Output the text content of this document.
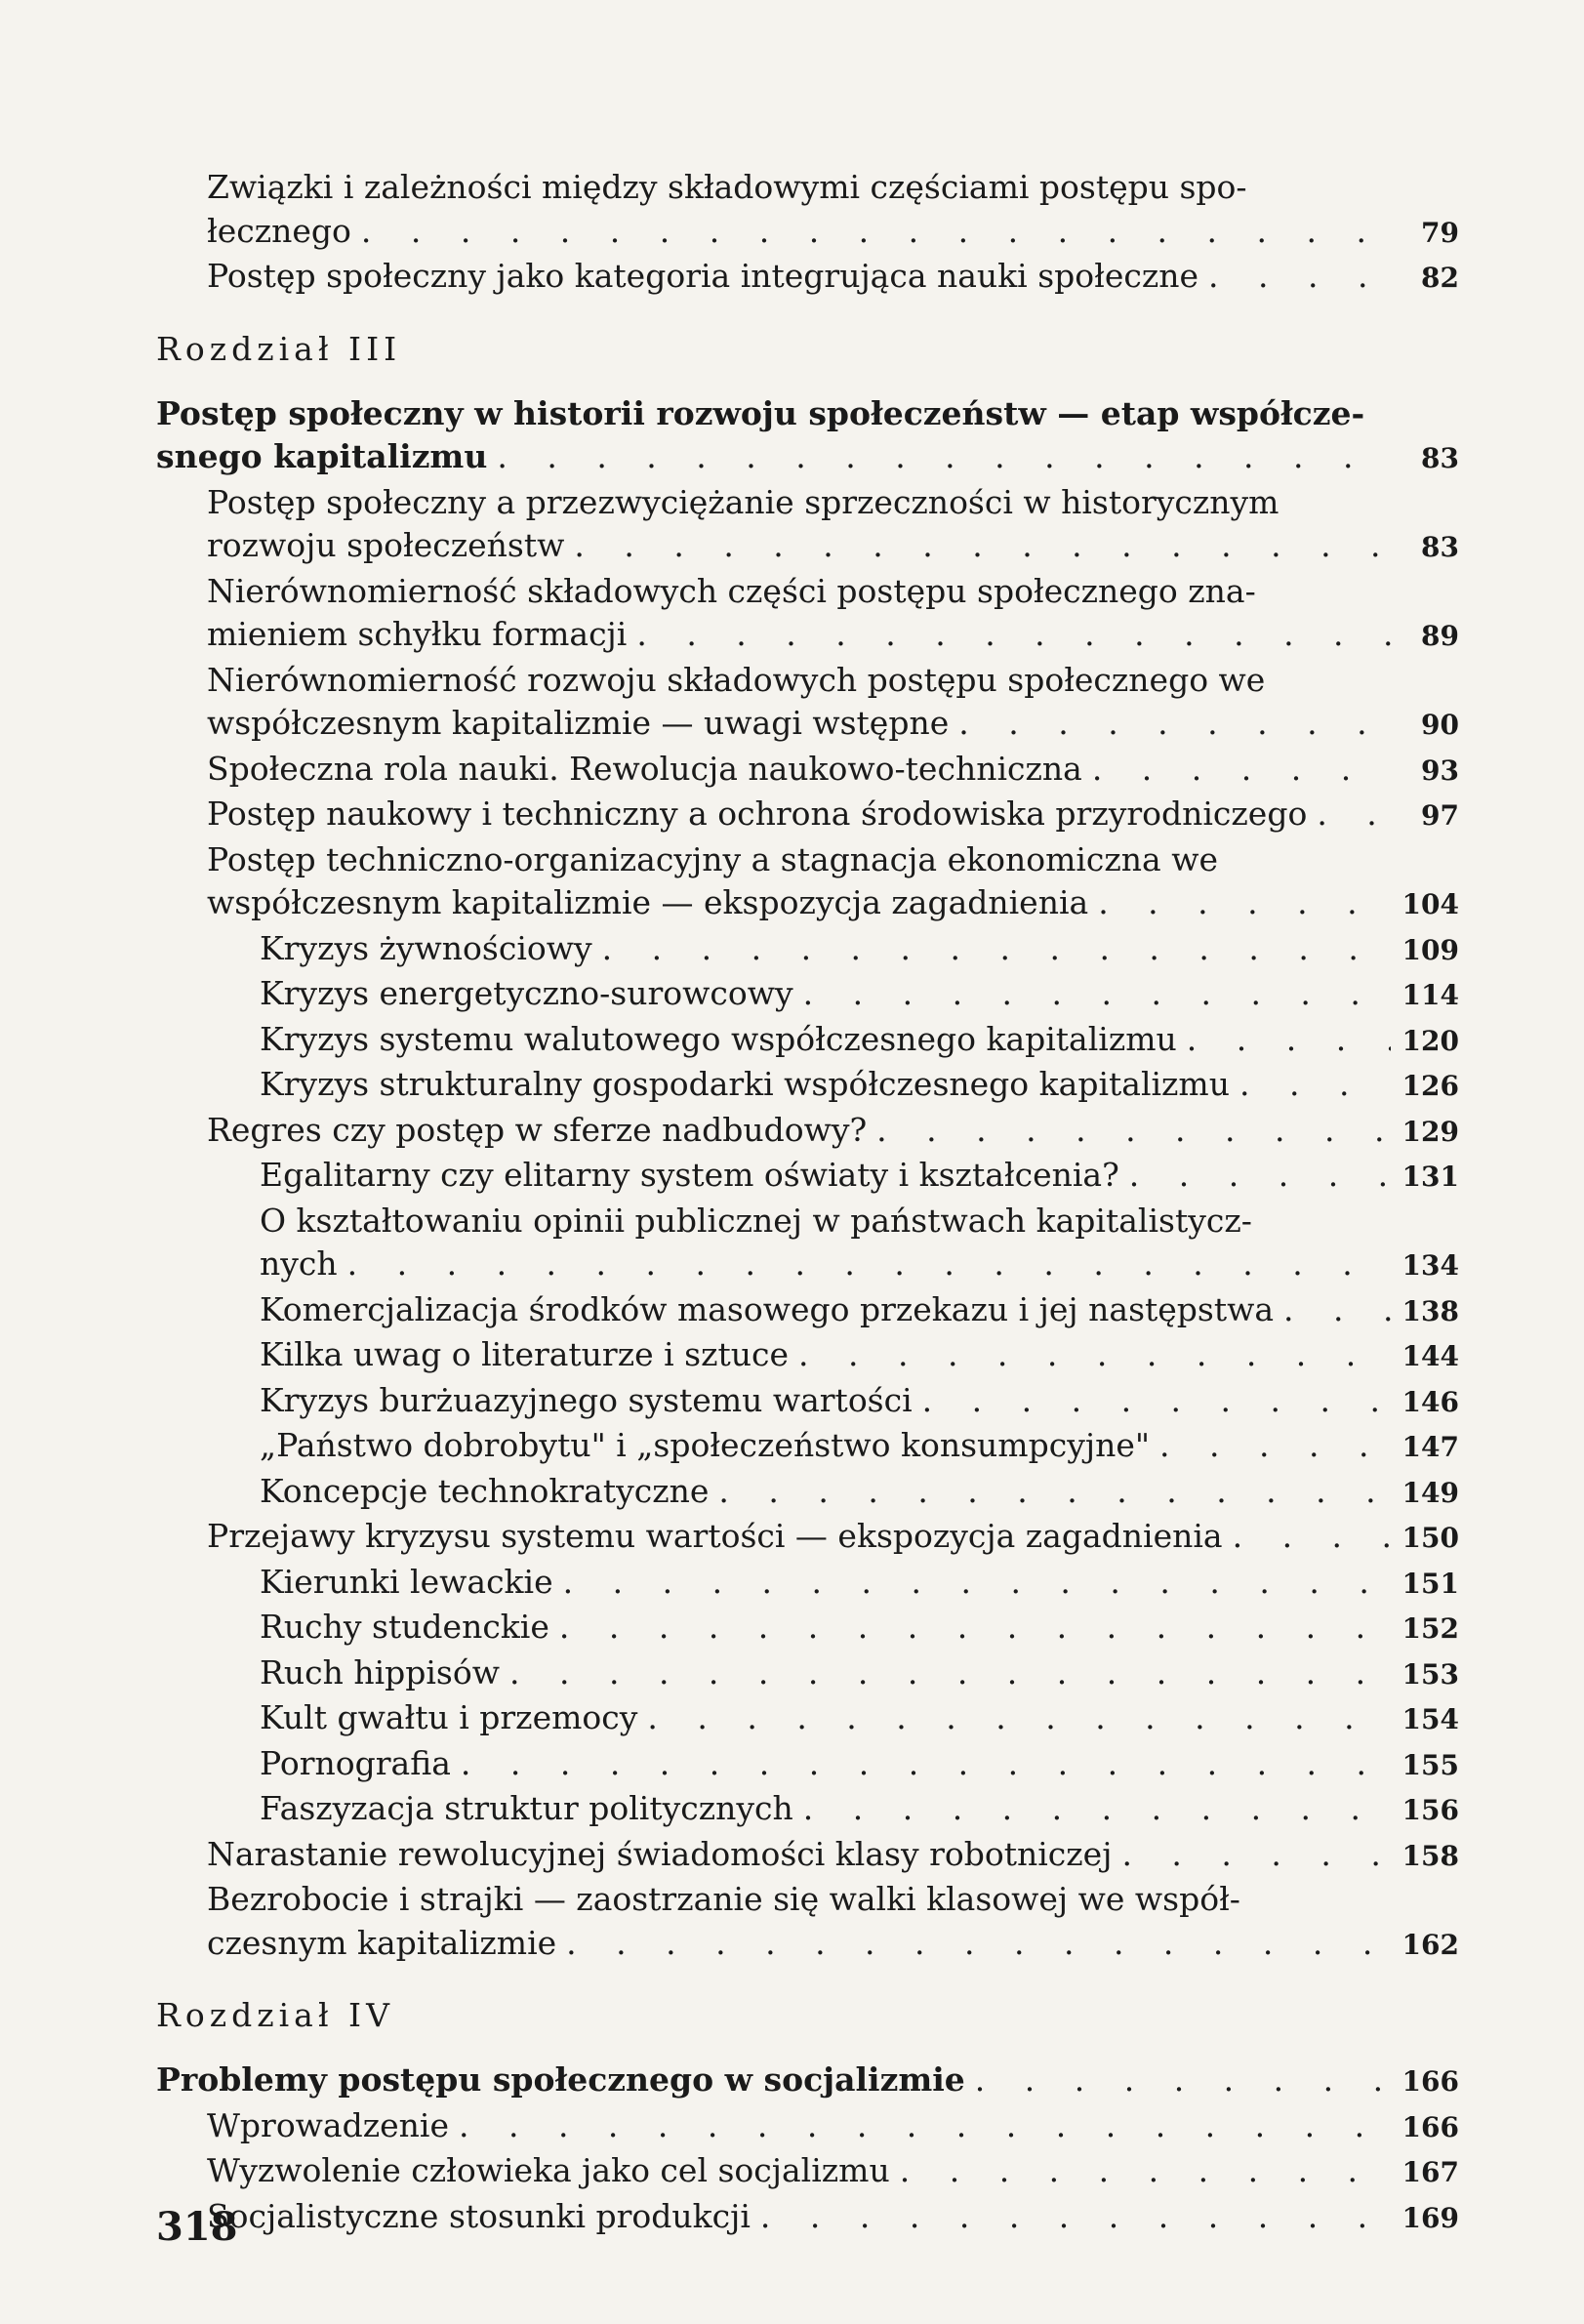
Związki i zależności między składowymi częściami postępu spo-
łecznego . . .	79
Postęp społeczny jako kategoria integrująca nauki społeczne . . .	82
Rozdział III
Postęp społeczny w historii rozwoju społeczeństw — etap współcze-
snego kapitalizmu . . .	83
Postęp społeczny a przezwyciężanie sprzeczności w historycznym
rozwoju społeczeństw . . .	83
Nierównomierność składowych części postępu społecznego zna-
mieniem schyłku formacji . . .	89
Nierównomierność rozwoju składowych postępu społecznego we
współczesnym kapitalizmie — uwagi wstępne . . .	90
Społeczna rola nauki. Rewolucja naukowo-techniczna . . .	93
Postęp naukowy i techniczny a ochrona środowiska przyrodniczego . . .	97
Postęp techniczno-organizacyjny a stagnacja ekonomiczna we
współczesnym kapitalizmie — ekspozycja zagadnienia . . .	104
Kryzys żywnościowy . . .	109
Kryzys energetyczno-surowcowy . . .	114
Kryzys systemu walutowego współczesnego kapitalizmu . . .	120
Kryzys strukturalny gospodarki współczesnego kapitalizmu . . .	126
Regres czy postęp w sferze nadbudowy? . . .	129
Egalitarny czy elitarny system oświaty i kształcenia? . . .	131
O kształtowaniu opinii publicznej w państwach kapitalistycz-
nych . . .	134
Komercjalizacja środków masowego przekazu i jej następstwa . . .	138
Kilka uwag o literaturze i sztuce . . .	144
Kryzys burżuazyjnego systemu wartości . . .	146
„Państwo dobrobytu" i „społeczeństwo konsumpcyjne" . . .	147
Koncepcje technokratyczne . . .	149
Przejawy kryzysu systemu wartości — ekspozycja zagadnienia . . .	150
Kierunki lewackie . . .	151
Ruchy studenckie . . .	152
Ruch hippisów . . .	153
Kult gwałtu i przemocy . . .	154
Pornografia . . .	155
Faszyzacja struktur politycznych . . .	156
Narastanie rewolucyjnej świadomości klasy robotniczej . . .	158
Bezrobocie i strajki — zaostrzanie się walki klasowej we współ-
czesnym kapitalizmie . . .	162
Rozdział IV
Problemy postępu społecznego w socjalizmie . . .	166
Wprowadzenie . . .	166
Wyzwolenie człowieka jako cel socjalizmu . . .	167
Socjalistyczne stosunki produkcji . . .	169
318
